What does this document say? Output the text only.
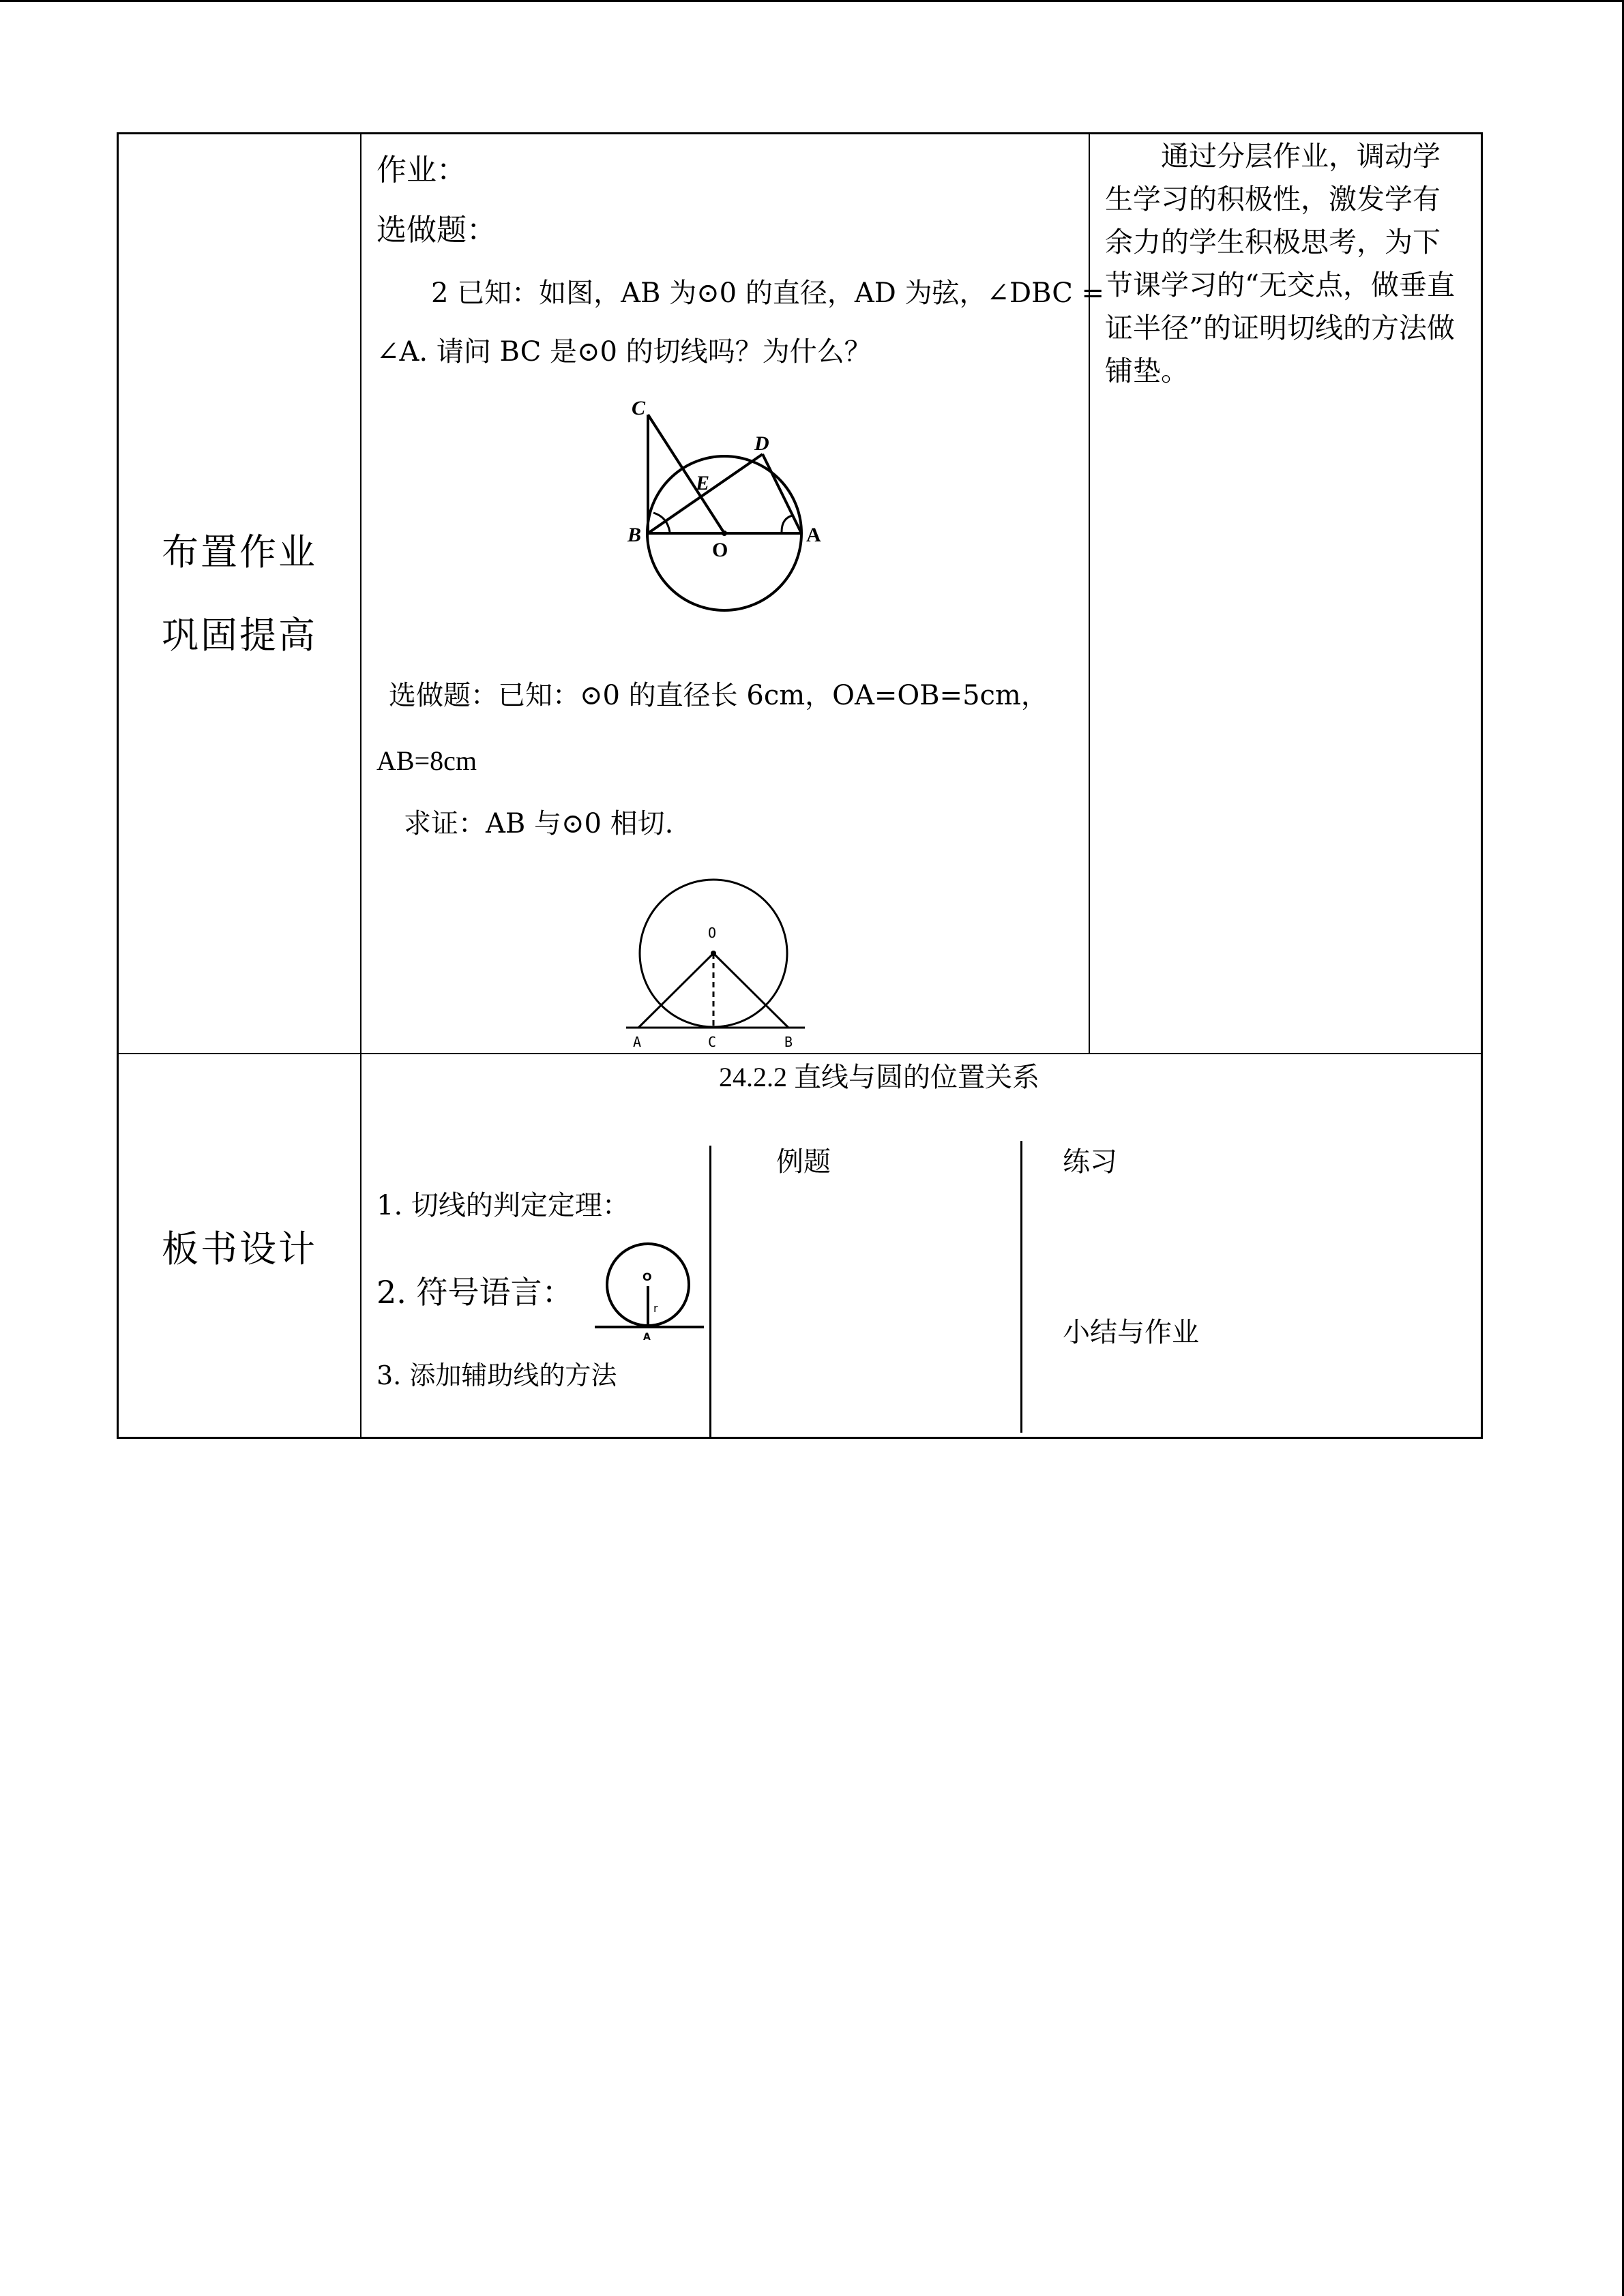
布置作业
巩固提高
作业：
选做题：
2 已知：如图，AB 为⊙0 的直径，AD 为弦，∠DBC =
∠A. 请问 BC 是⊙0 的切线吗？为什么？
C
D
E
B
O
A
选做题：已知：⊙0 的直径长 6cm，OA=OB=5cm，
AB=8cm
求证：AB 与⊙0 相切.
O
A	C	B
通过分层作业，调动学生学习的积极性，激发学有余力的学生积极思考，为下节课学习的“无交点，做垂直证半径”的证明切线的方法做铺垫。
板书设计
24.2.2 直线与圆的位置关系
1. 切线的判定定理：
2. 符号语言：
3. 添加辅助线的方法
O
r
A
例题	练习
小结与作业
